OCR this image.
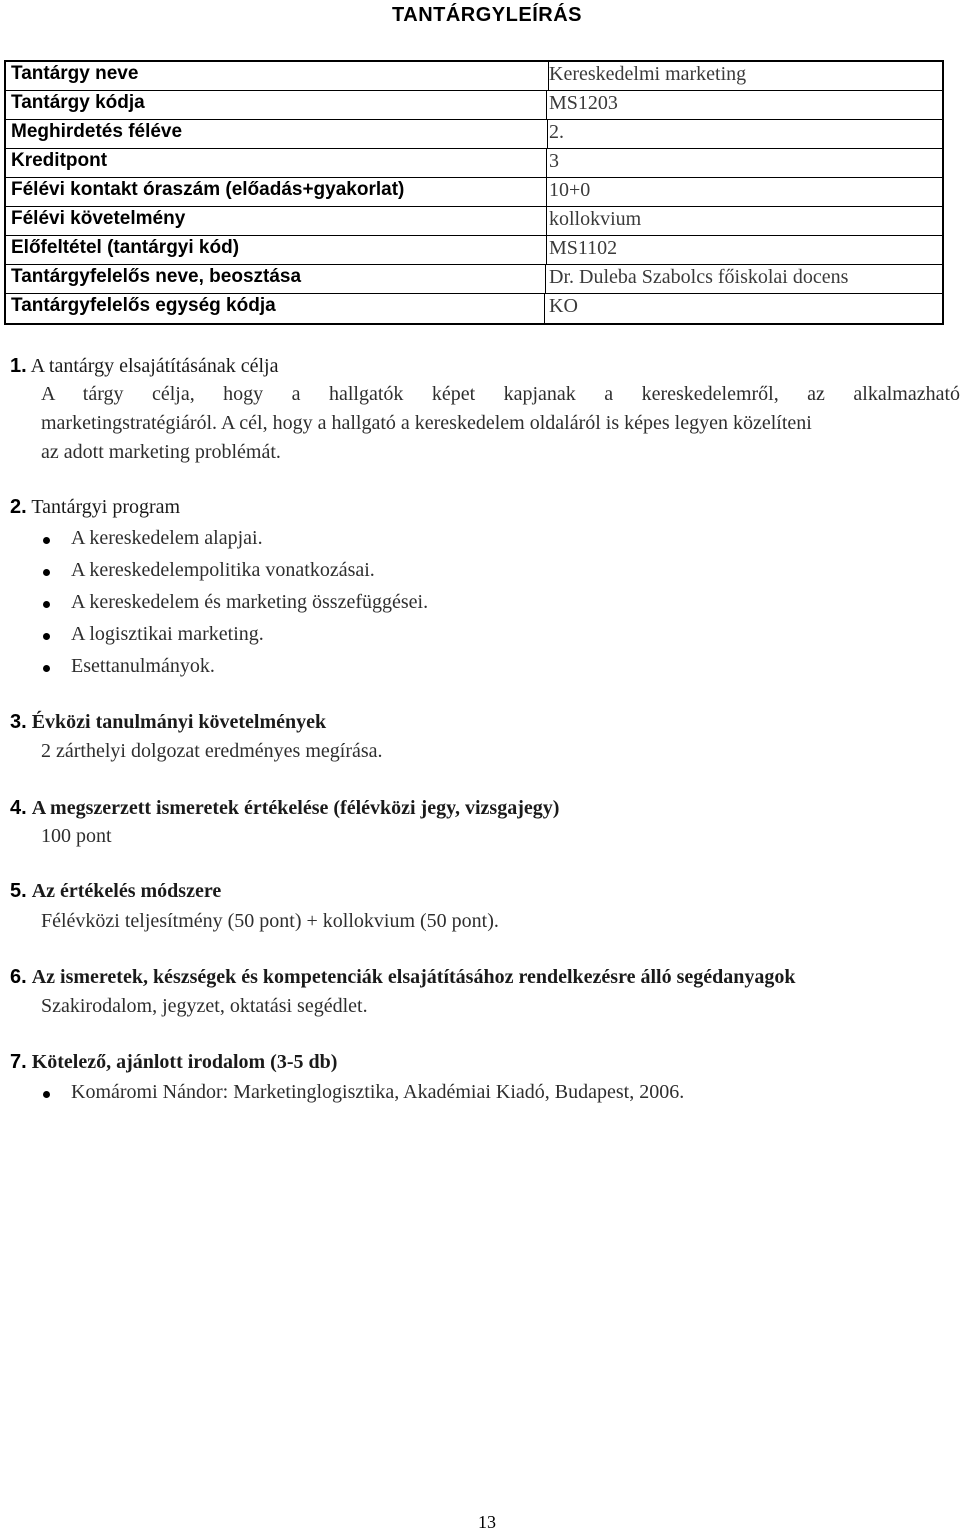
TANTÁRGYLEÍRÁS
Tantárgy neve	Kereskedelmi marketing
Tantárgy kódja	MS1203
Meghirdetés féléve	2.
Kreditpont	3
Félévi kontakt óraszám (előadás+gyakorlat)	10+0
Félévi követelmény	kollokvium
Előfeltétel (tantárgyi kód)	MS1102
Tantárgyfelelős neve, beosztása	Dr. Duleba Szabolcs főiskolai docens
Tantárgyfelelős egység kódja	KO
1. A tantárgy elsajátításának célja
A tárgy célja, hogy a hallgatók képet kapjanak a kereskedelemről, az alkalmazható
marketingstratégiáról. A cél, hogy a hallgató a kereskedelem oldaláról is képes legyen közelíteni
az adott marketing problémát.
2. Tantárgyi program
A kereskedelem alapjai.
A kereskedelempolitika vonatkozásai.
A kereskedelem és marketing összefüggései.
A logisztikai marketing.
Esettanulmányok.
3. Évközi tanulmányi követelmények
2 zárthelyi dolgozat eredményes megírása.
4. A megszerzett ismeretek értékelése (félévközi jegy, vizsgajegy)
100 pont
5. Az értékelés módszere
Félévközi teljesítmény (50 pont) + kollokvium (50 pont).
6. Az ismeretek, készségek és kompetenciák elsajátításához rendelkezésre álló segédanyagok
Szakirodalom, jegyzet, oktatási segédlet.
7. Kötelező, ajánlott irodalom (3-5 db)
Komáromi Nándor: Marketinglogisztika, Akadémiai Kiadó, Budapest, 2006.
13
